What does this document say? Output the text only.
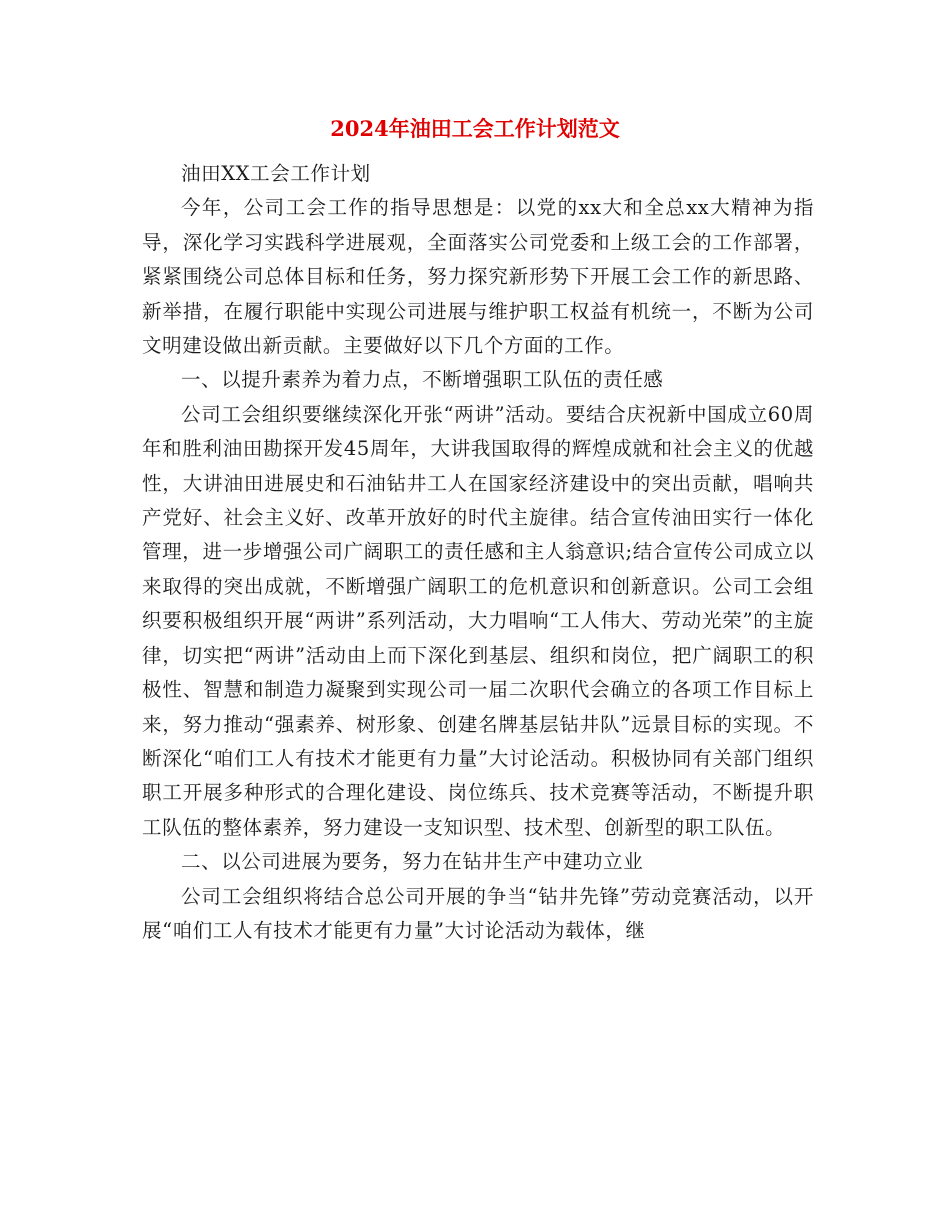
2024年油田工会工作计划范文

油田XX工会工作计划

今年，公司工会工作的指导思想是：以党的xx大和全总xx大精神为指导，深化学习实践科学进展观，全面落实公司党委和上级工会的工作部署，紧紧围绕公司总体目标和任务，努力探究新形势下开展工会工作的新思路、新举措，在履行职能中实现公司进展与维护职工权益有机统一，不断为公司文明建设做出新贡献。主要做好以下几个方面的工作。

一、以提升素养为着力点，不断增强职工队伍的责任感

公司工会组织要继续深化开张“两讲”活动。要结合庆祝新中国成立60周年和胜利油田勘探开发45周年，大讲我国取得的辉煌成就和社会主义的优越性，大讲油田进展史和石油钻井工人在国家经济建设中的突出贡献，唱响共产党好、社会主义好、改革开放好的时代主旋律。结合宣传油田实行一体化管理，进一步增强公司广阔职工的责任感和主人翁意识;结合宣传公司成立以来取得的突出成就，不断增强广阔职工的危机意识和创新意识。公司工会组织要积极组织开展“两讲”系列活动，大力唱响“工人伟大、劳动光荣”的主旋律，切实把“两讲”活动由上而下深化到基层、组织和岗位，把广阔职工的积极性、智慧和制造力凝聚到实现公司一届二次职代会确立的各项工作目标上来，努力推动“强素养、树形象、创建名牌基层钻井队”远景目标的实现。不断深化“咱们工人有技术才能更有力量”大讨论活动。积极协同有关部门组织职工开展多种形式的合理化建设、岗位练兵、技术竞赛等活动，不断提升职工队伍的整体素养，努力建设一支知识型、技术型、创新型的职工队伍。

二、以公司进展为要务，努力在钻井生产中建功立业

公司工会组织将结合总公司开展的争当“钻井先锋”劳动竞赛活动，以开展“咱们工人有技术才能更有力量”大讨论活动为载体，继
